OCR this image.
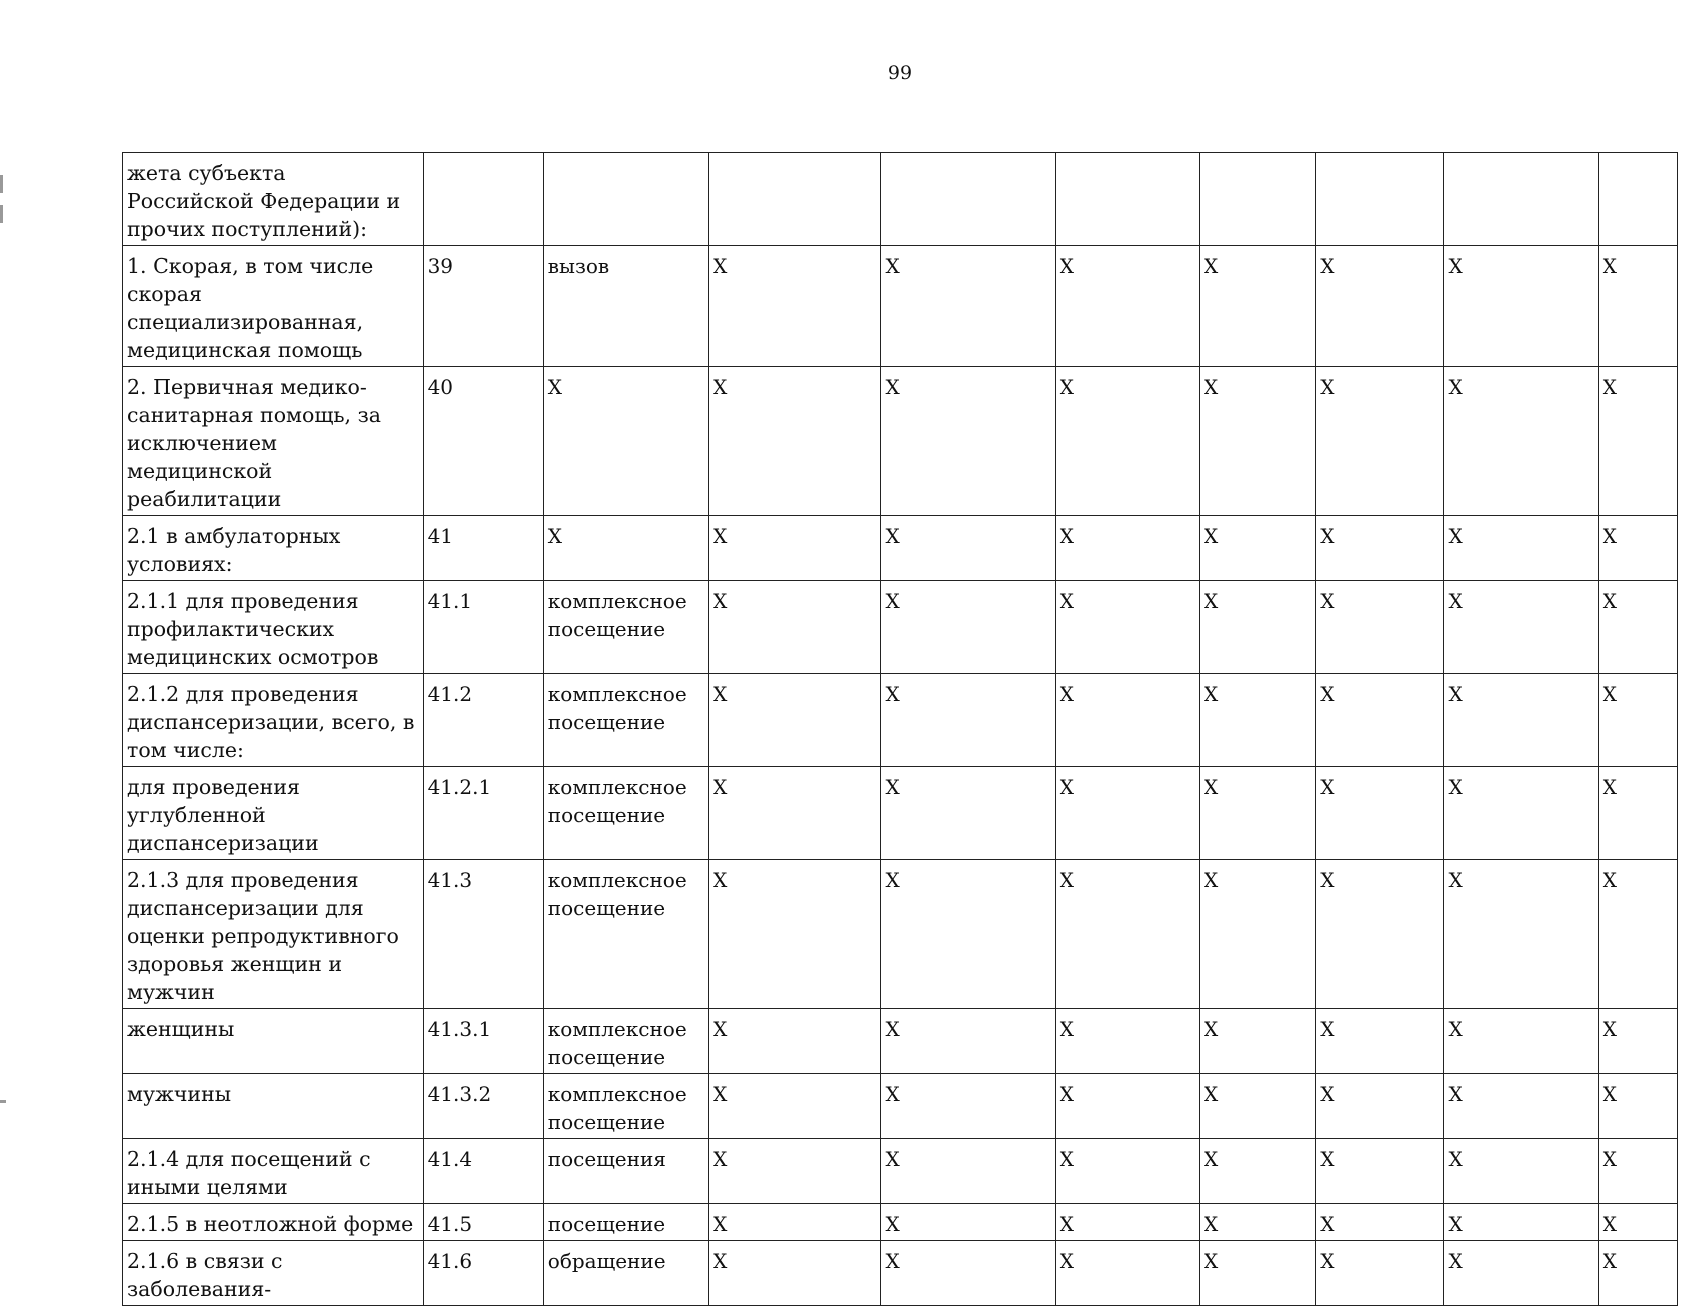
99
жета субъекта Российской Федерации и прочих поступлений):									
1. Скорая, в том числе скорая специализированная, медицинская помощь	39	вызов	X	X	X	X	X	X	X
2. Первичная медико-санитарная помощь, за исключением медицинской реабилитации	40	X	X	X	X	X	X	X	X
2.1 в амбулаторных условиях:	41	X	X	X	X	X	X	X	X
2.1.1 для проведения профилактических медицинских осмотров	41.1	комплексное посещение	X	X	X	X	X	X	X
2.1.2 для проведения диспансеризации, всего, в том числе:	41.2	комплексное посещение	X	X	X	X	X	X	X
для проведения углубленной диспансеризации	41.2.1	комплексное посещение	X	X	X	X	X	X	X
2.1.3 для проведения диспансеризации для оценки репродуктивного здоровья женщин и мужчин	41.3	комплексное посещение	X	X	X	X	X	X	X
женщины	41.3.1	комплексное посещение	X	X	X	X	X	X	X
мужчины	41.3.2	комплексное посещение	X	X	X	X	X	X	X
2.1.4 для посещений с иными целями	41.4	посещения	X	X	X	X	X	X	X
2.1.5 в неотложной форме	41.5	посещение	X	X	X	X	X	X	X
2.1.6 в связи с заболевания-	41.6	обращение	X	X	X	X	X	X	X
